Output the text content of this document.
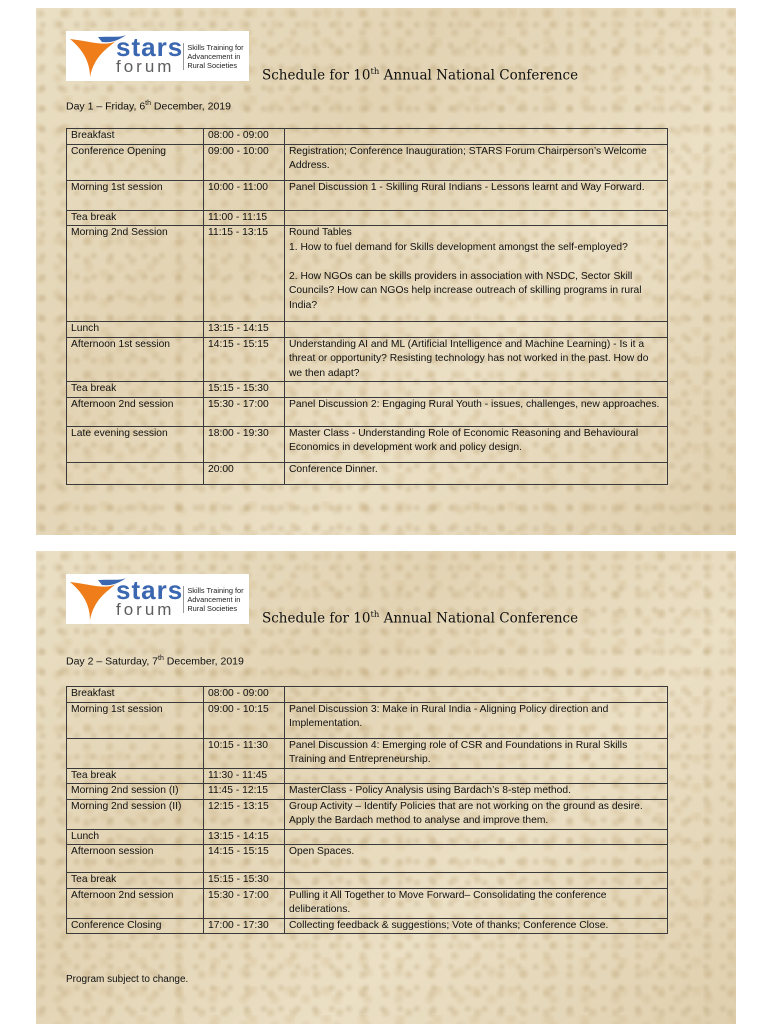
stars
forum
Skills Training for Advancement in Rural Societies
Schedule for 10th Annual National Conference
Day 1 – Friday, 6th December, 2019
Breakfast	08:00 - 09:00	
Conference Opening	09:00 - 10:00	Registration; Conference Inauguration; STARS Forum Chairperson’s Welcome Address.
Morning 1st session	10:00 - 11:00	Panel Discussion 1 - Skilling Rural Indians - Lessons learnt and Way Forward.
Tea break	11:00 - 11:15	
Morning 2nd Session	11:15 - 13:15	Round Tables
1. How to fuel demand for Skills development amongst the self-employed?

2. How NGOs can be skills providers in association with NSDC, Sector Skill Councils? How can NGOs help increase outreach of skilling programs in rural India?
Lunch	13:15 - 14:15	
Afternoon 1st session	14:15 - 15:15	Understanding AI and ML (Artificial Intelligence and Machine Learning) - Is it a threat or opportunity? Resisting technology has not worked in the past. How do we then adapt?
Tea break	15:15 - 15:30	
Afternoon 2nd session	15:30 - 17:00	Panel Discussion 2: Engaging Rural Youth - issues, challenges, new approaches.
Late evening session	18:00 - 19:30	Master Class - Understanding Role of Economic Reasoning and Behavioural Economics in development work and policy design.
	20:00	Conference Dinner.
stars
forum
Skills Training for Advancement in Rural Societies
Schedule for 10th Annual National Conference
Day 2 – Saturday, 7th December, 2019
Breakfast	08:00 - 09:00	
Morning 1st session	09:00 - 10:15	Panel Discussion 3: Make in Rural India - Aligning Policy direction and Implementation.
	10:15 - 11:30	Panel Discussion 4: Emerging role of CSR and Foundations in Rural Skills Training and Entrepreneurship.
Tea break	11:30 - 11:45	
Morning 2nd session (I)	11:45 - 12:15	MasterClass - Policy Analysis using Bardach’s 8-step method.
Morning 2nd session (II)	12:15 - 13:15	Group Activity – Identify Policies that are not working on the ground as desire. Apply the Bardach method to analyse and improve them.
Lunch	13:15 - 14:15	
Afternoon session	14:15 - 15:15	Open Spaces.
Tea break	15:15 - 15:30	
Afternoon 2nd session	15:30 - 17:00	Pulling it All Together to Move Forward– Consolidating the conference deliberations.
Conference Closing	17:00 - 17:30	Collecting feedback & suggestions; Vote of thanks; Conference Close.
Program subject to change.
